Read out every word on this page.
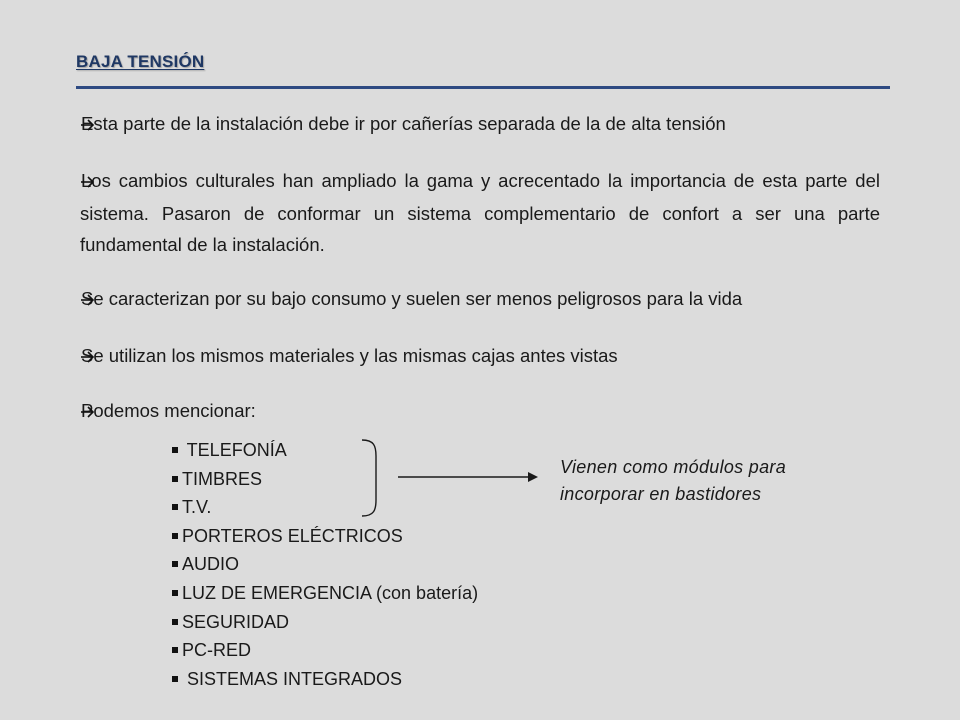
BAJA TENSIÓN
Esta parte de la instalación debe ir por cañerías separada de la de alta tensión
Los cambios culturales han ampliado la gama y acrecentado la importancia de esta parte del sistema. Pasaron de conformar un sistema complementario de confort a ser una parte fundamental de la instalación.
Se caracterizan por su bajo consumo y suelen ser menos peligrosos para la vida
Se utilizan los mismos materiales y las mismas cajas antes vistas
Podemos mencionar:
TELEFONÍA
TIMBRES
T.V.
PORTEROS ELÉCTRICOS
AUDIO
LUZ DE EMERGENCIA (con batería)
SEGURIDAD
PC-RED
SISTEMAS INTEGRADOS
Vienen como módulos para incorporar en bastidores
